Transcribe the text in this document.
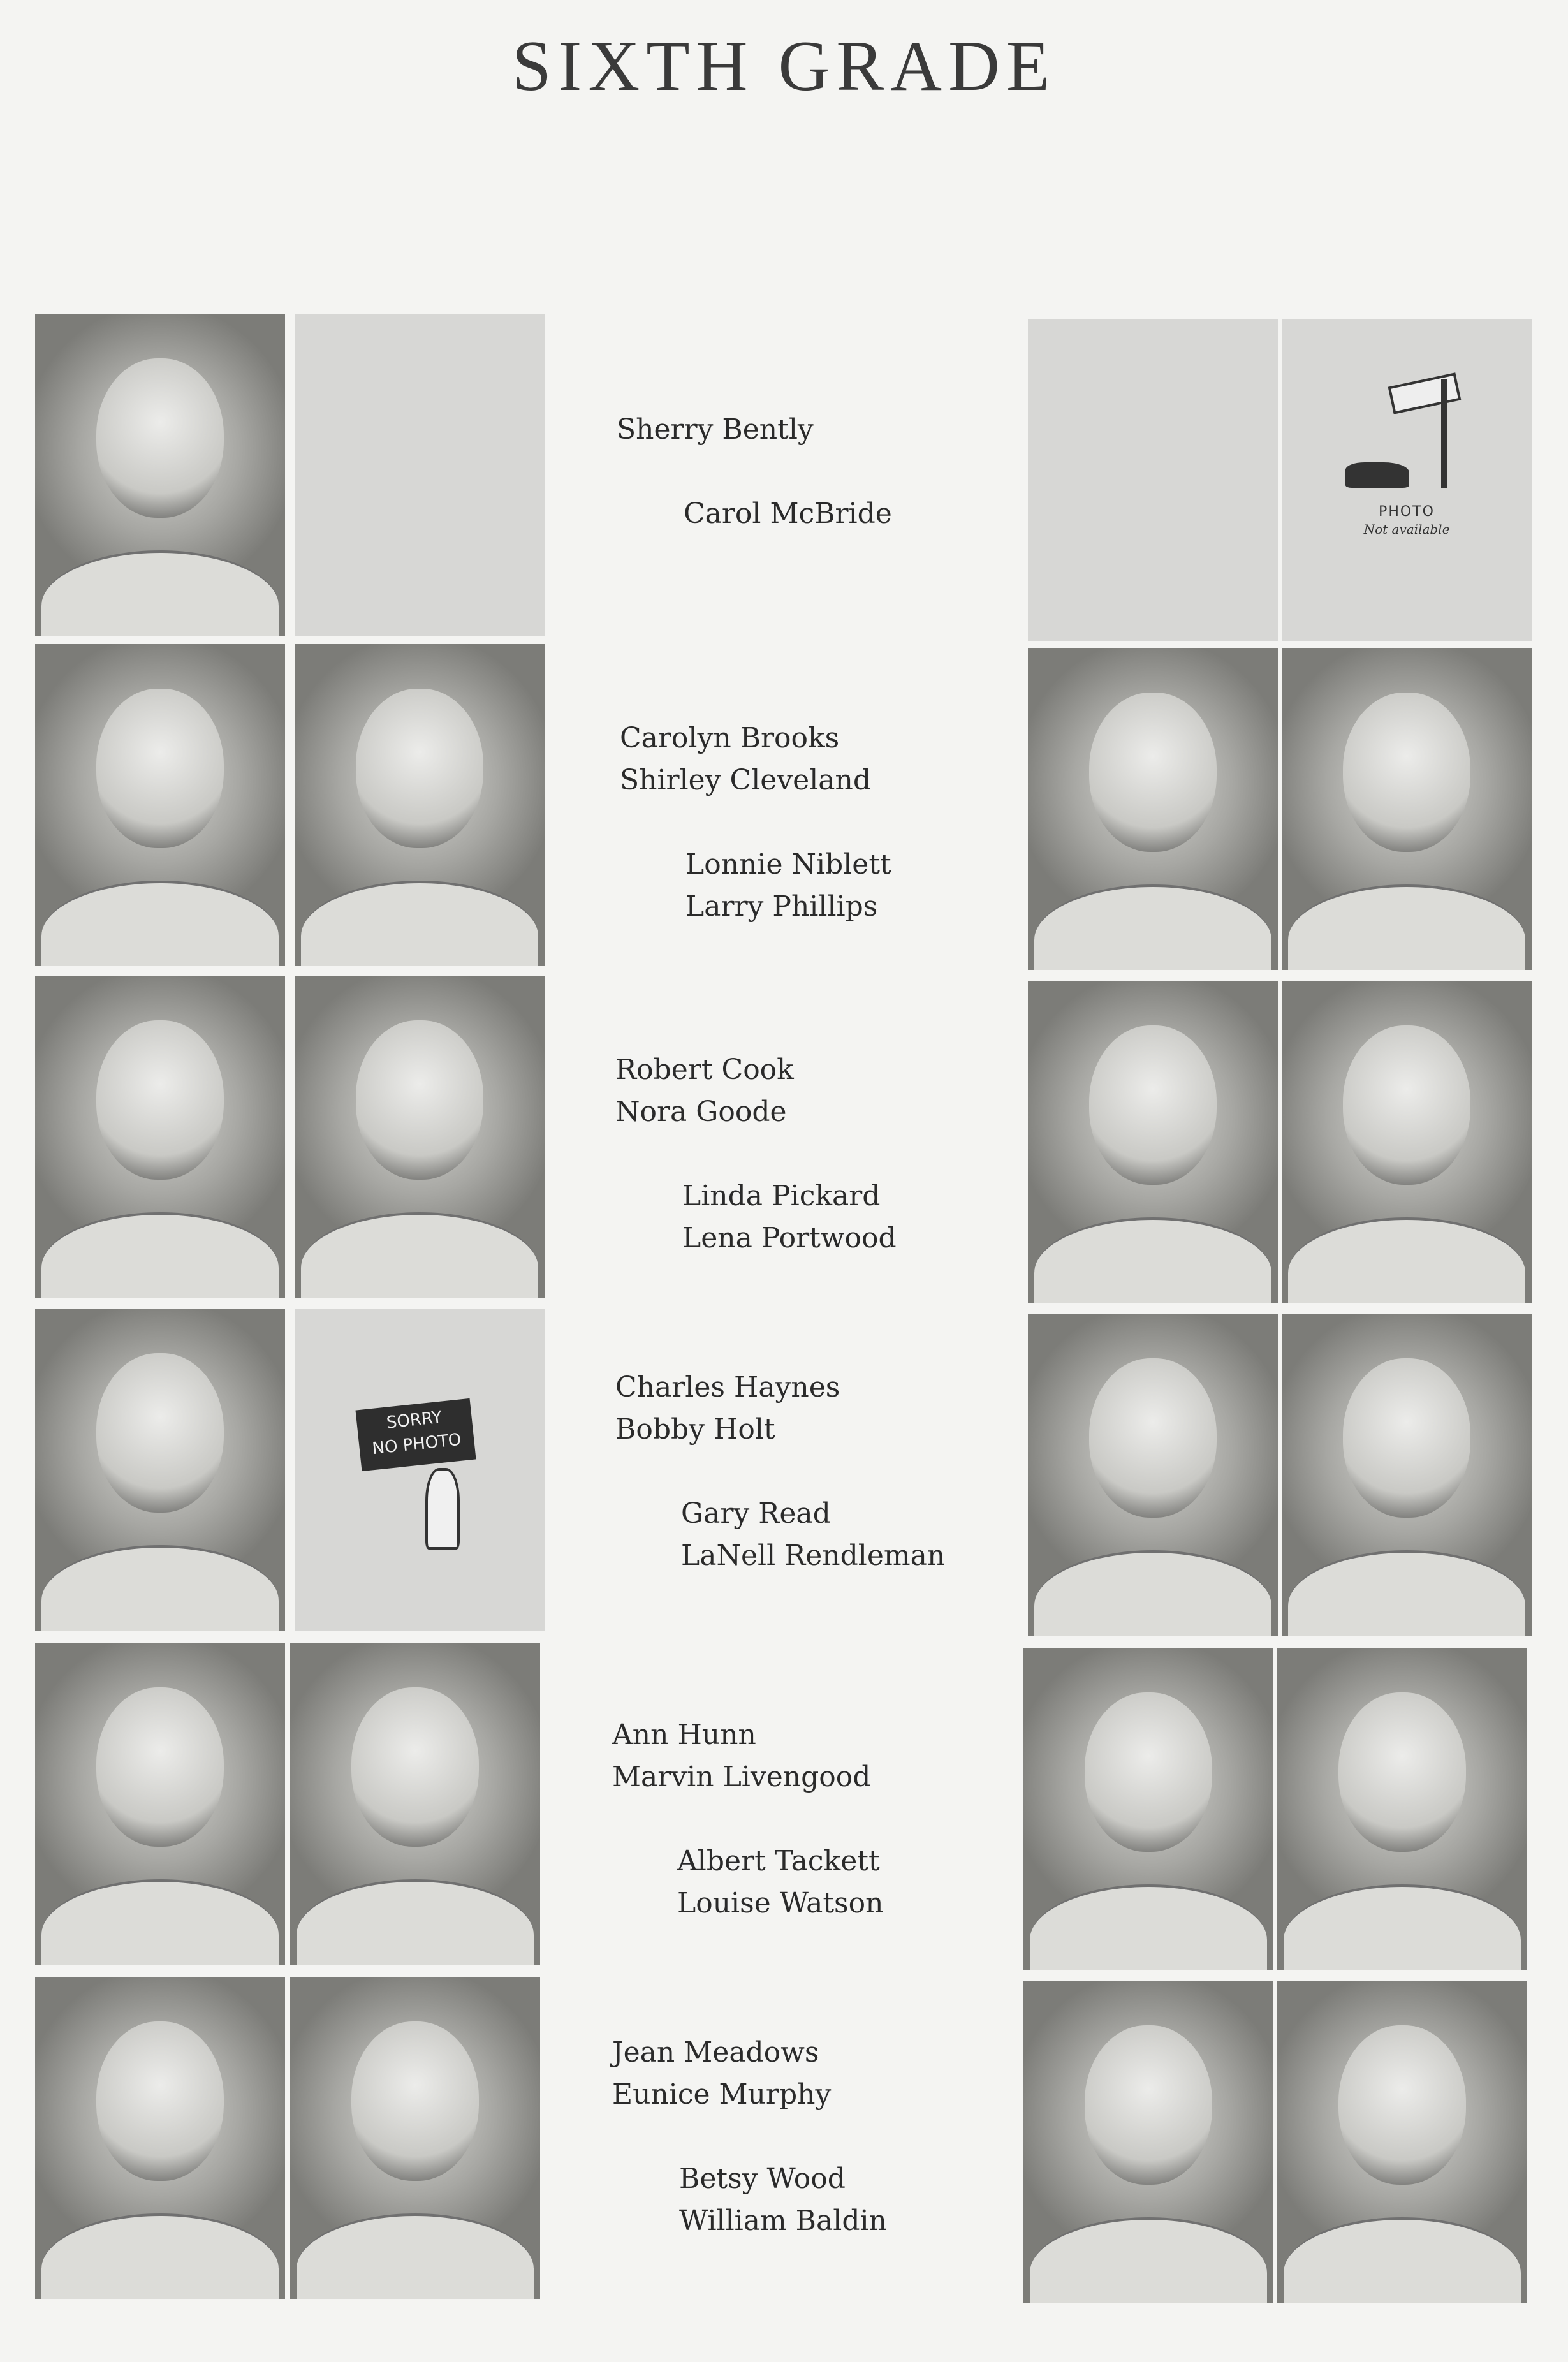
SIXTH GRADE
PHOTO
Not available
Sherry Bently
Carol McBride
Carolyn Brooks
Shirley Cleveland
Lonnie Niblett
Larry Phillips
Robert Cook
Nora Goode
Linda Pickard
Lena Portwood
SORRY
NO PHOTO
Charles Haynes
Bobby Holt
Gary Read
LaNell Rendleman
Ann Hunn
Marvin Livengood
Albert Tackett
Louise Watson
Jean Meadows
Eunice Murphy
Betsy Wood
William Baldin
